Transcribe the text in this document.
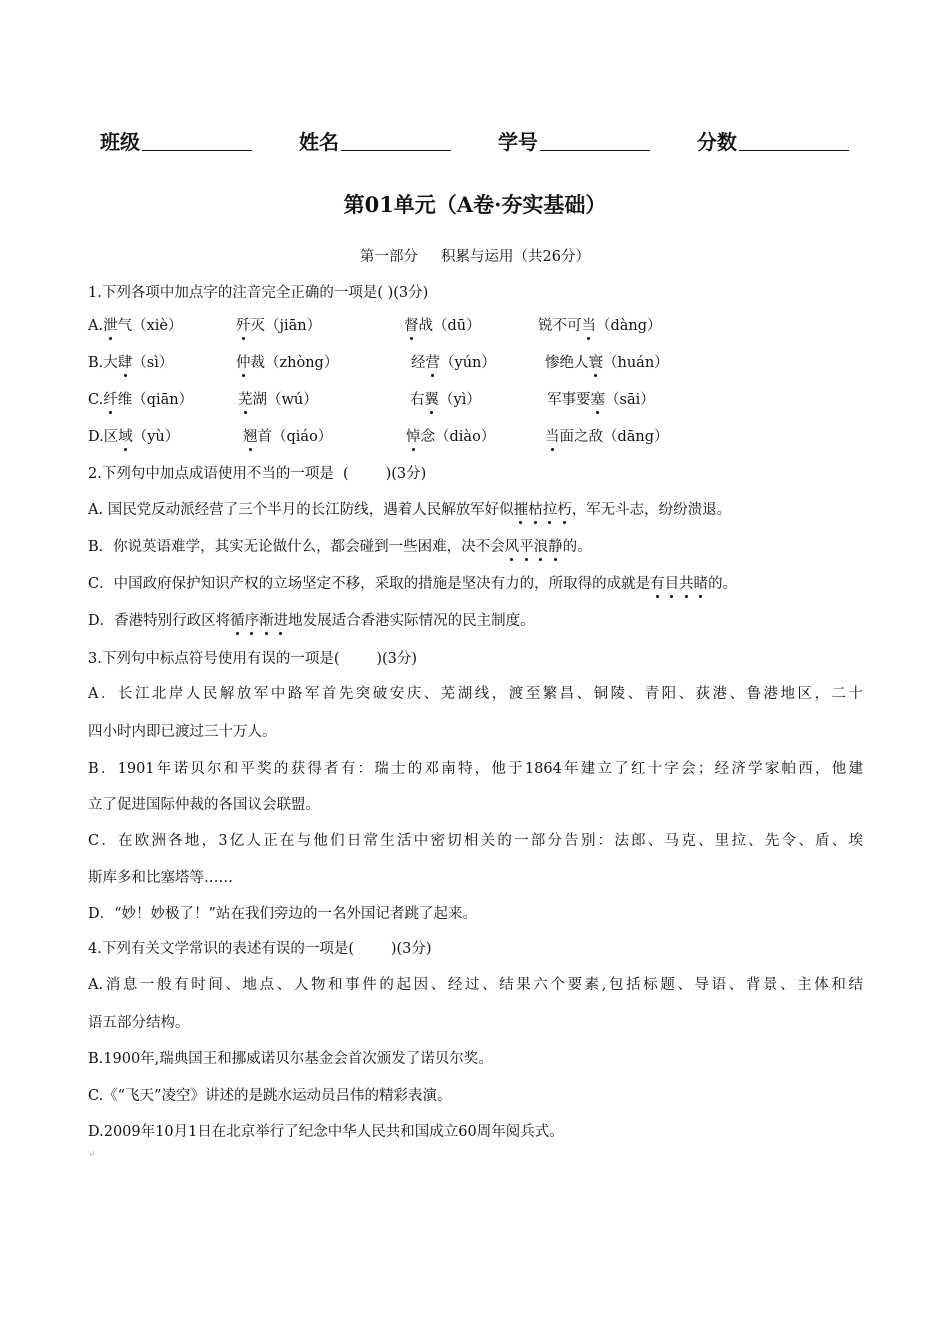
班级	姓名	学号	分数
第01单元（A卷·夯实基础）
第一部分     积累与运用（共26分）
1.下列各项中加点字的注音完全正确的一项是( )(3分)
A.泄气（xiè）	歼灭（jiān）	督战（dū）	锐不可当（dàng）
B.大肆（sì）	仲裁（zhòng）	经营（yún）	惨绝人寰（huán）
C.纤维（qiān）	芜湖（wú）	右翼（yì）	军事要塞（sāi）
D.区域（yù）	翘首（qiáo）	悼念（diào）	当面之敌（dāng）
2.下列句中加点成语使用不当的一项是  (        )(3分)
A. 国民党反动派经营了三个半月的长江防线，遇着人民解放军好似摧枯拉朽，军无斗志，纷纷溃退。
B．你说英语难学，其实无论做什么，都会碰到一些困难，决不会风平浪静的。
C．中国政府保护知识产权的立场坚定不移，采取的措施是坚决有力的，所取得的成就是有目共睹的。
D．香港特别行政区将循序渐进地发展适合香港实际情况的民主制度。
3.下列句中标点符号使用有误的一项是(        )(3分)
A．长江北岸人民解放军中路军首先突破安庆、芜湖线，渡至繁昌、铜陵、青阳、荻港、鲁港地区，二十
四小时内即已渡过三十万人。
B．1901年诺贝尔和平奖的获得者有：瑞士的邓南特，他于1864年建立了红十字会；经济学家帕西，他建
立了促进国际仲裁的各国议会联盟。
C．在欧洲各地，3亿人正在与他们日常生活中密切相关的一部分告别：法郎、马克、里拉、先令、盾、埃
斯库多和比塞塔等……
D．“妙！妙极了！”站在我们旁边的一名外国记者跳了起来。
4.下列有关文学常识的表述有误的一项是(        )(3分)
A.消息一般有时间、地点、人物和事件的起因、经过、结果六个要素,包括标题、导语、背景、主体和结
语五部分结构。
B.1900年,瑞典国王和挪威诺贝尔基金会首次颁发了诺贝尔奖。
C.《“飞天”凌空》讲述的是跳水运动员吕伟的精彩表演。
D.2009年10月1日在北京举行了纪念中华人民共和国成立60周年阅兵式。
↵
